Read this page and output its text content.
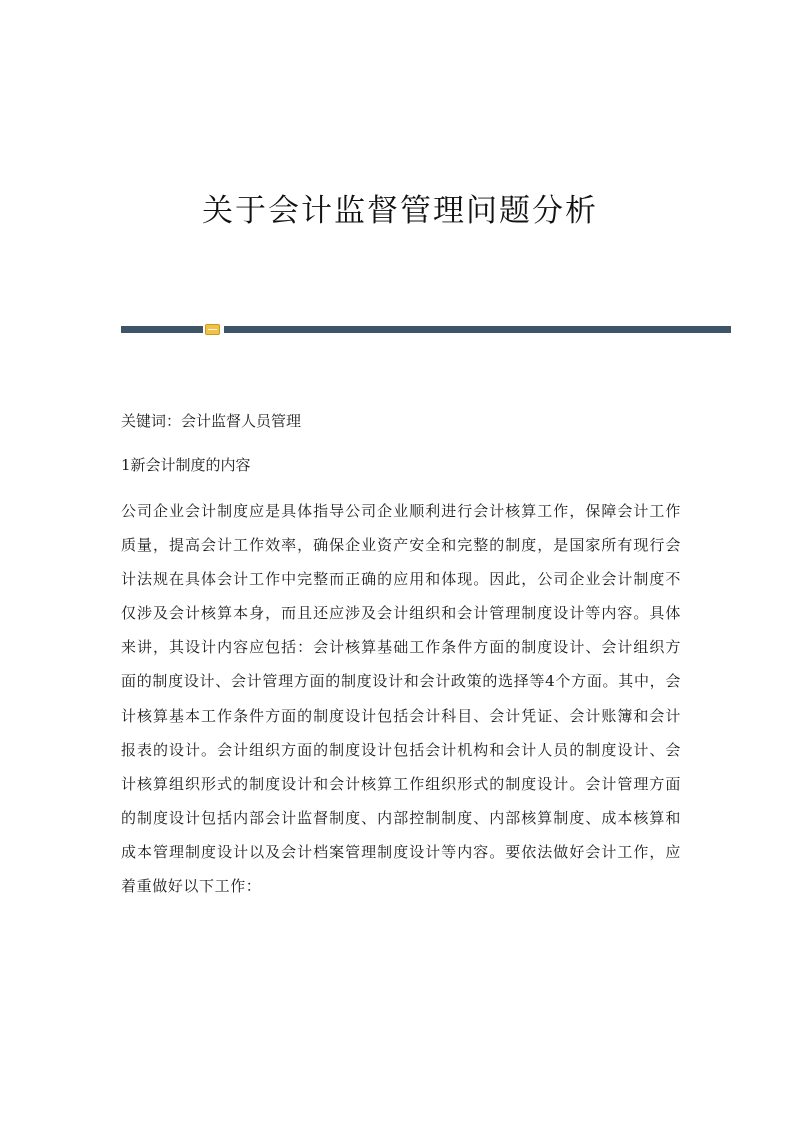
关于会计监督管理问题分析

关键词：会计监督人员管理

1新会计制度的内容

公司企业会计制度应是具体指导公司企业顺利进行会计核算工作，保障会计工作质量，提高会计工作效率，确保企业资产安全和完整的制度，是国家所有现行会计法规在具体会计工作中完整而正确的应用和体现。因此，公司企业会计制度不仅涉及会计核算本身，而且还应涉及会计组织和会计管理制度设计等内容。具体来讲，其设计内容应包括：会计核算基础工作条件方面的制度设计、会计组织方面的制度设计、会计管理方面的制度设计和会计政策的选择等4个方面。其中，会计核算基本工作条件方面的制度设计包括会计科目、会计凭证、会计账簿和会计报表的设计。会计组织方面的制度设计包括会计机构和会计人员的制度设计、会计核算组织形式的制度设计和会计核算工作组织形式的制度设计。会计管理方面的制度设计包括内部会计监督制度、内部控制制度、内部核算制度、成本核算和成本管理制度设计以及会计档案管理制度设计等内容。要依法做好会计工作，应着重做好以下工作：
